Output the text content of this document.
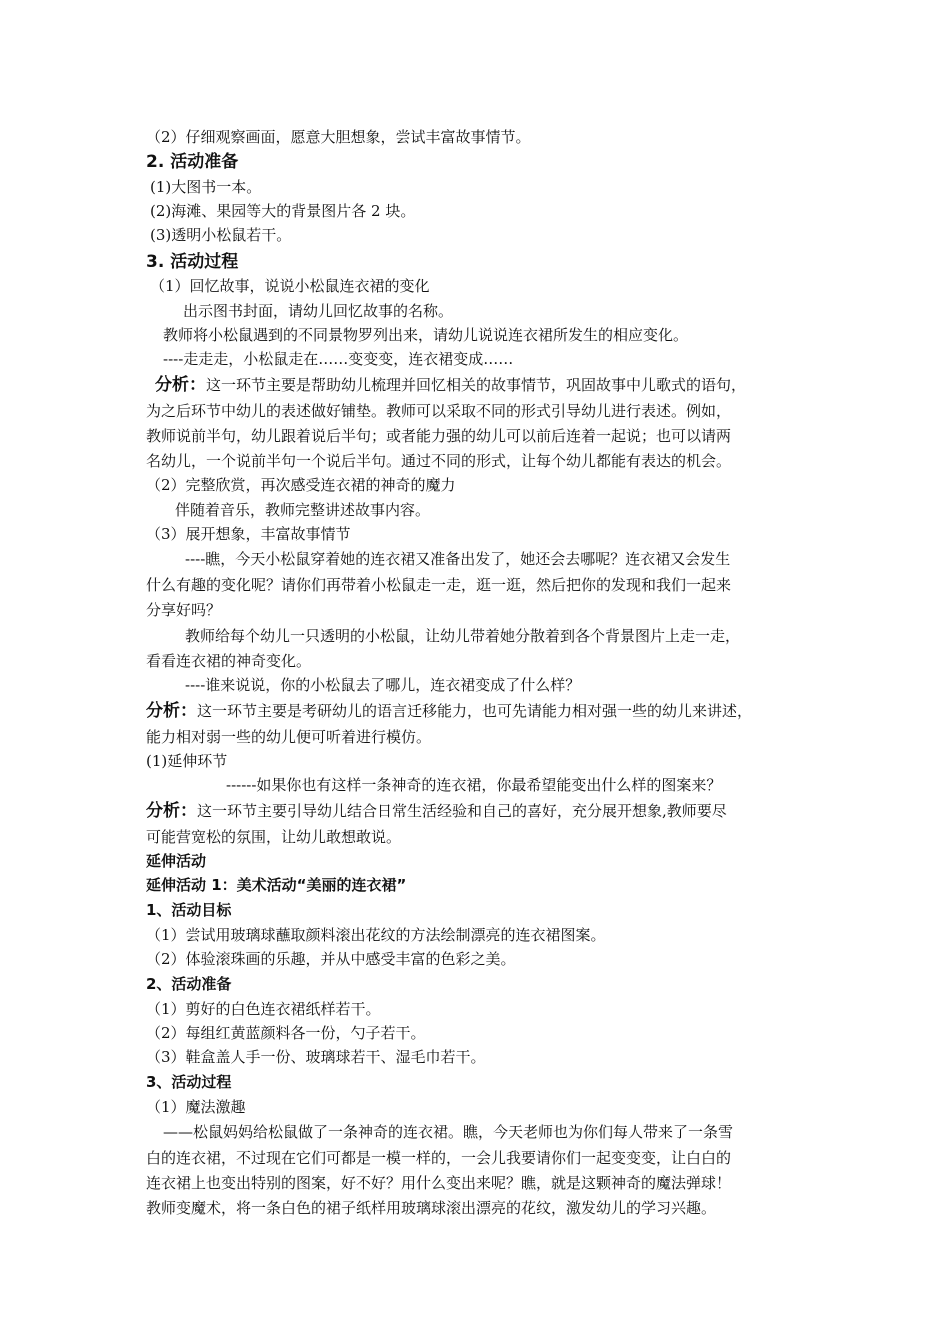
（2）仔细观察画面，愿意大胆想象，尝试丰富故事情节。
2. 活动准备
(1)大图书一本。
(2)海滩、果园等大的背景图片各 2 块。
(3)透明小松鼠若干。
3. 活动过程
（1）回忆故事，说说小松鼠连衣裙的变化
出示图书封面，请幼儿回忆故事的名称。
教师将小松鼠遇到的不同景物罗列出来，请幼儿说说连衣裙所发生的相应变化。
----走走走，小松鼠走在……变变变，连衣裙变成……
分析：这一环节主要是帮助幼儿梳理并回忆相关的故事情节，巩固故事中儿歌式的语句，
为之后环节中幼儿的表述做好铺垫。教师可以采取不同的形式引导幼儿进行表述。例如，
教师说前半句，幼儿跟着说后半句；或者能力强的幼儿可以前后连着一起说；也可以请两
名幼儿，一个说前半句一个说后半句。通过不同的形式，让每个幼儿都能有表达的机会。
（2）完整欣赏，再次感受连衣裙的神奇的魔力
伴随着音乐，教师完整讲述故事内容。
（3）展开想象，丰富故事情节
----瞧，今天小松鼠穿着她的连衣裙又准备出发了，她还会去哪呢？连衣裙又会发生
什么有趣的变化呢？请你们再带着小松鼠走一走，逛一逛，然后把你的发现和我们一起来
分享好吗？
教师给每个幼儿一只透明的小松鼠，让幼儿带着她分散着到各个背景图片上走一走，
看看连衣裙的神奇变化。
----谁来说说，你的小松鼠去了哪儿，连衣裙变成了什么样？
分析：这一环节主要是考研幼儿的语言迁移能力，也可先请能力相对强一些的幼儿来讲述，
能力相对弱一些的幼儿便可听着进行模仿。
(1)延伸环节
------如果你也有这样一条神奇的连衣裙，你最希望能变出什么样的图案来？
分析：这一环节主要引导幼儿结合日常生活经验和自己的喜好，充分展开想象,教师要尽
可能营宽松的氛围，让幼儿敢想敢说。
延伸活动
延伸活动 1：美术活动“美丽的连衣裙”
1、活动目标
（1）尝试用玻璃球蘸取颜料滚出花纹的方法绘制漂亮的连衣裙图案。
（2）体验滚珠画的乐趣，并从中感受丰富的色彩之美。
2、活动准备
（1）剪好的白色连衣裙纸样若干。
（2）每组红黄蓝颜料各一份，勺子若干。
（3）鞋盒盖人手一份、玻璃球若干、湿毛巾若干。
3、活动过程
（1）魔法激趣
——松鼠妈妈给松鼠做了一条神奇的连衣裙。瞧，今天老师也为你们每人带来了一条雪
白的连衣裙，不过现在它们可都是一模一样的，一会儿我要请你们一起变变变，让白白的
连衣裙上也变出特别的图案，好不好？用什么变出来呢？瞧，就是这颗神奇的魔法弹球！
教师变魔术，将一条白色的裙子纸样用玻璃球滚出漂亮的花纹，激发幼儿的学习兴趣。
